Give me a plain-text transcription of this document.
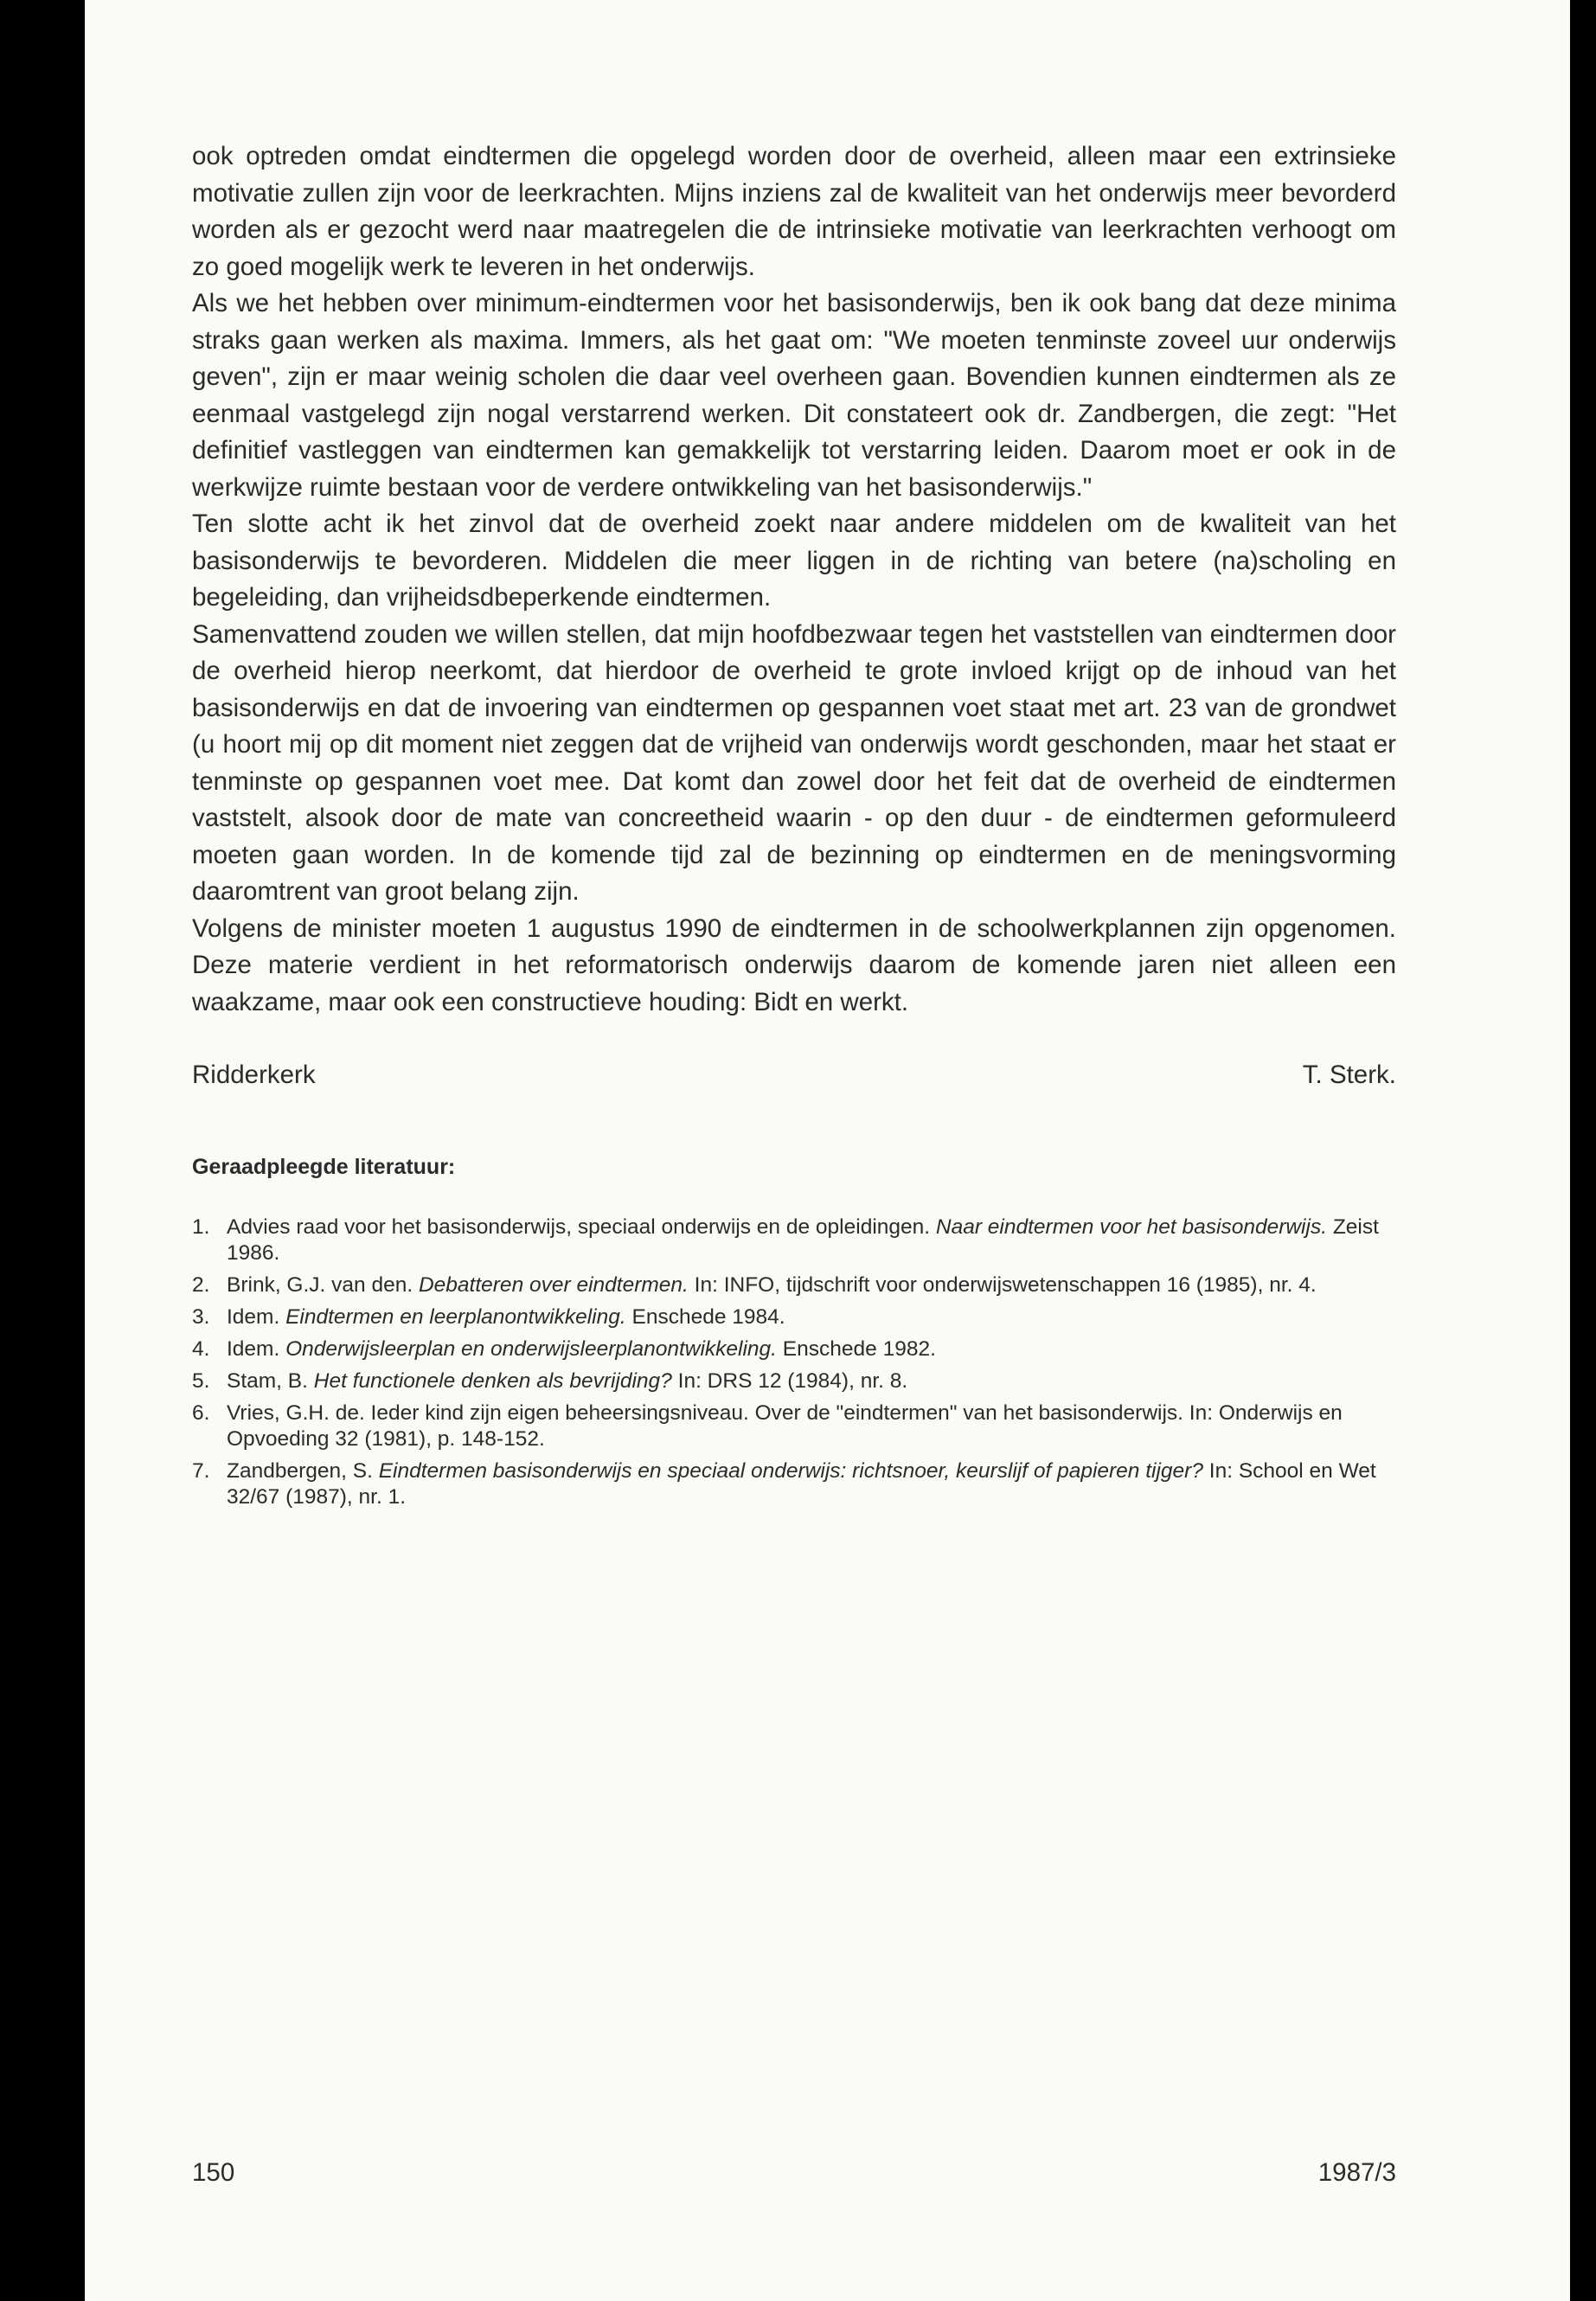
ook optreden omdat eindtermen die opgelegd worden door de overheid, alleen maar een extrinsieke motivatie zullen zijn voor de leerkrachten. Mijns inziens zal de kwaliteit van het onderwijs meer bevorderd worden als er gezocht werd naar maatregelen die de intrinsieke motivatie van leerkrachten verhoogt om zo goed mogelijk werk te leveren in het onderwijs.

Als we het hebben over minimum-eindtermen voor het basisonderwijs, ben ik ook bang dat deze minima straks gaan werken als maxima. Immers, als het gaat om: "We moeten tenminste zoveel uur onderwijs geven", zijn er maar weinig scholen die daar veel overheen gaan. Bovendien kunnen eindtermen als ze eenmaal vastgelegd zijn nogal verstarrend werken. Dit constateert ook dr. Zandbergen, die zegt: "Het definitief vastleggen van eindtermen kan gemakkelijk tot verstarring leiden. Daarom moet er ook in de werkwijze ruimte bestaan voor de verdere ontwikkeling van het basisonderwijs."

Ten slotte acht ik het zinvol dat de overheid zoekt naar andere middelen om de kwaliteit van het basisonderwijs te bevorderen. Middelen die meer liggen in de richting van betere (na)scholing en begeleiding, dan vrijheidsdbeperkende eindtermen.

Samenvattend zouden we willen stellen, dat mijn hoofdbezwaar tegen het vaststellen van eindtermen door de overheid hierop neerkomt, dat hierdoor de overheid te grote invloed krijgt op de inhoud van het basisonderwijs en dat de invoering van eindtermen op gespannen voet staat met art. 23 van de grondwet (u hoort mij op dit moment niet zeggen dat de vrijheid van onderwijs wordt geschonden, maar het staat er tenminste op gespannen voet mee. Dat komt dan zowel door het feit dat de overheid de eindtermen vaststelt, alsook door de mate van concreetheid waarin - op den duur - de eindtermen geformuleerd moeten gaan worden. In de komende tijd zal de bezinning op eindtermen en de meningsvorming daaromtrent van groot belang zijn.

Volgens de minister moeten 1 augustus 1990 de eindtermen in de schoolwerkplannen zijn opgenomen. Deze materie verdient in het reformatorisch onderwijs daarom de komende jaren niet alleen een waakzame, maar ook een constructieve houding: Bidt en werkt.

Ridderkerk	T. Sterk.
Geraadpleegde literatuur:
1. Advies raad voor het basisonderwijs, speciaal onderwijs en de opleidingen. Naar eindtermen voor het basisonderwijs. Zeist 1986.
2. Brink, G.J. van den. Debatteren over eindtermen. In: INFO, tijdschrift voor onderwijswetenschappen 16 (1985), nr. 4.
3. Idem. Eindtermen en leerplanontwikkeling. Enschede 1984.
4. Idem. Onderwijsleerplan en onderwijsleerplanontwikkeling. Enschede 1982.
5. Stam, B. Het functionele denken als bevrijding? In: DRS 12 (1984), nr. 8.
6. Vries, G.H. de. Ieder kind zijn eigen beheersingsniveau. Over de "eindtermen" van het basisonderwijs. In: Onderwijs en Opvoeding 32 (1981), p. 148-152.
7. Zandbergen, S. Eindtermen basisonderwijs en speciaal onderwijs: richtsnoer, keurslijf of papieren tijger? In: School en Wet 32/67 (1987), nr. 1.
150	1987/3
